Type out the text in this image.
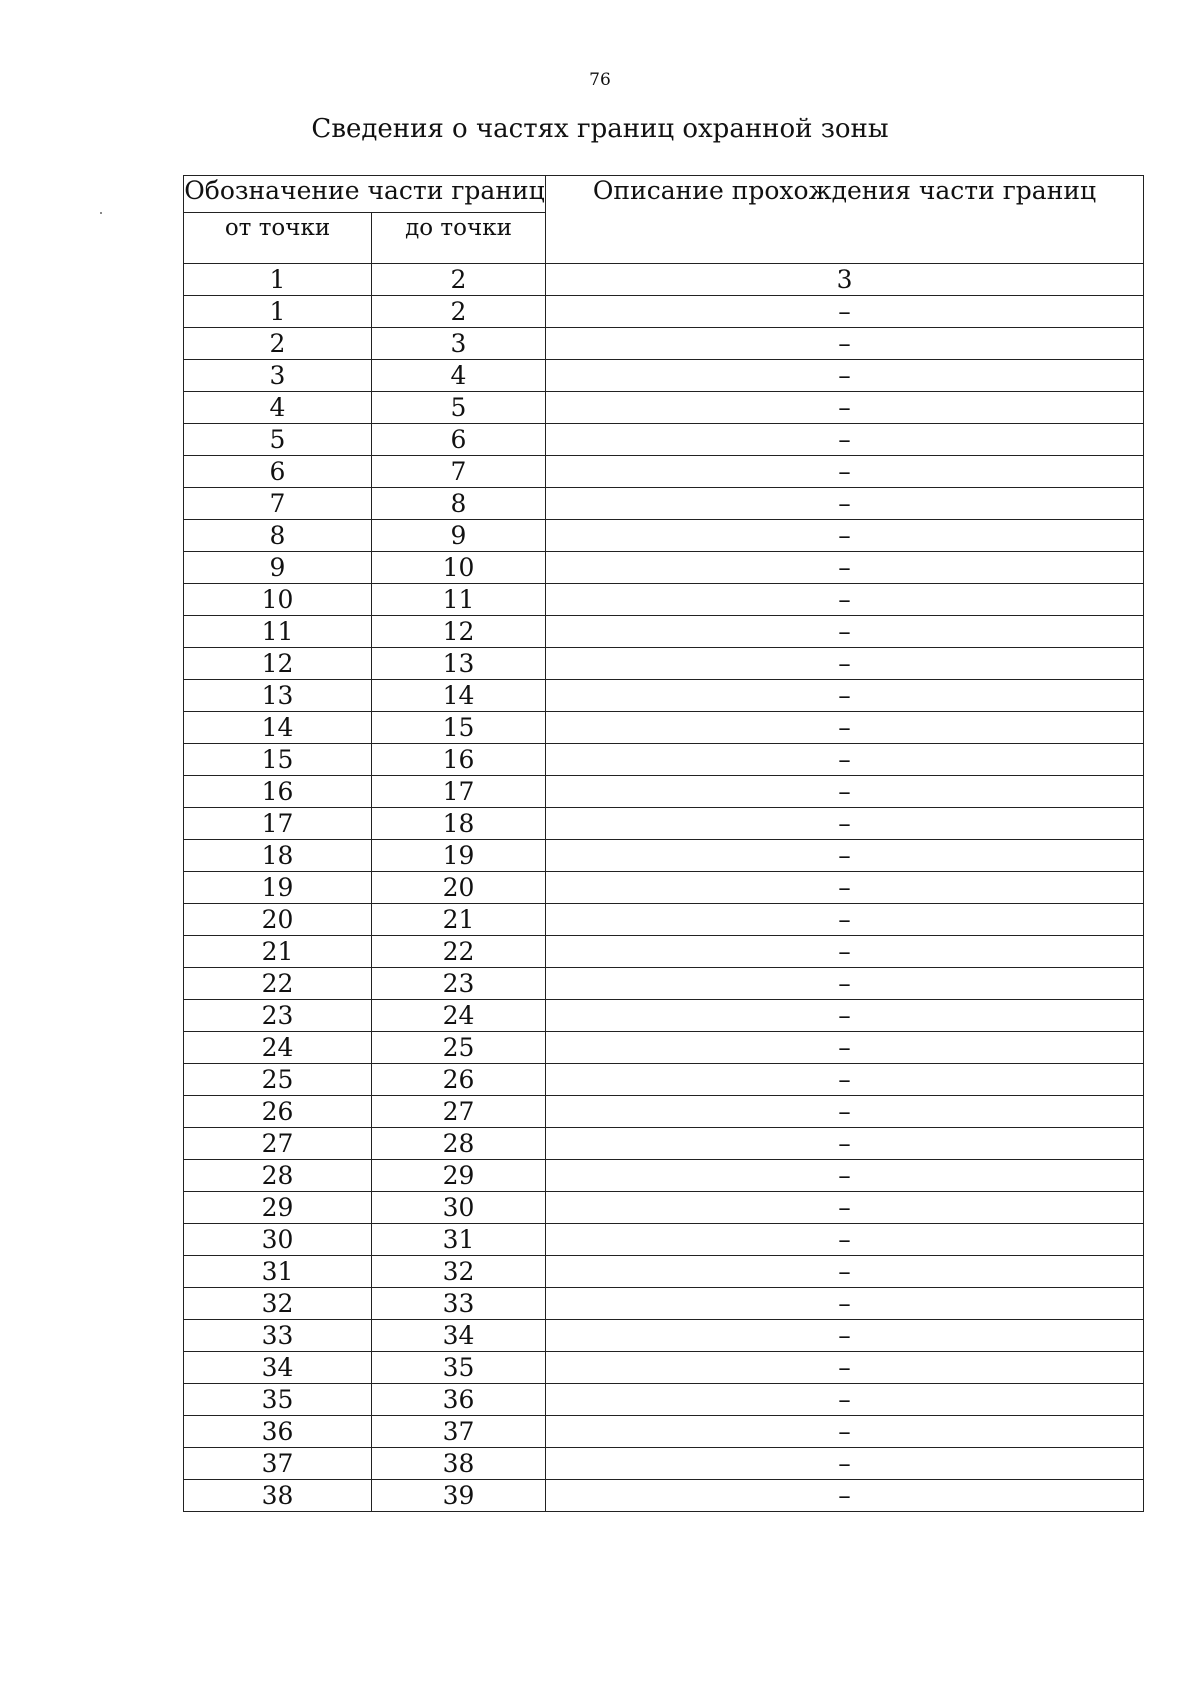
76
Сведения о частях границ охранной зоны
Обозначение части границ		Описание прохождения части границ
от точки	до точки	
1	2	3
1	2	–
2	3	–
3	4	–
4	5	–
5	6	–
6	7	–
7	8	–
8	9	–
9	10	–
10	11	–
11	12	–
12	13	–
13	14	–
14	15	–
15	16	–
16	17	–
17	18	–
18	19	–
19	20	–
20	21	–
21	22	–
22	23	–
23	24	–
24	25	–
25	26	–
26	27	–
27	28	–
28	29	–
29	30	–
30	31	–
31	32	–
32	33	–
33	34	–
34	35	–
35	36	–
36	37	–
37	38	–
38	39	–
